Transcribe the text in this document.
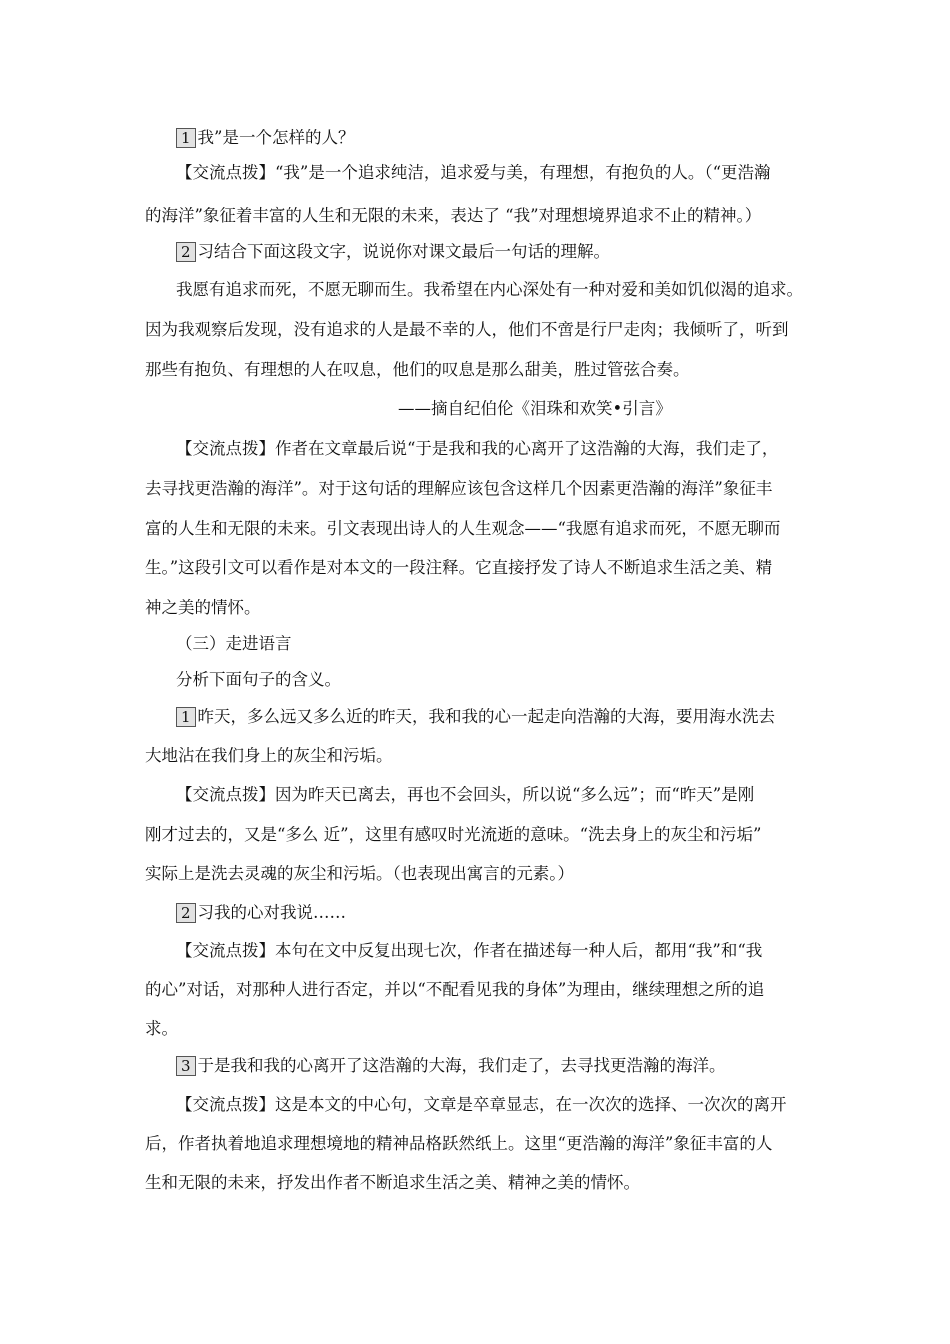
1 我”是一个怎样的人？
【交流点拨】“我”是一个追求纯洁，追求爱与美，有理想，有抱负的人。（“更浩瀚
的海洋”象征着丰富的人生和无限的未来，表达了 “我”对理想境界追求不止的精神。）
2 习结合下面这段文字，说说你对课文最后一句话的理解。
我愿有追求而死，不愿无聊而生。我希望在内心深处有一种对爱和美如饥似渴的追求。
因为我观察后发现，没有追求的人是最不幸的人，他们不啻是行尸走肉；我倾听了，听到
那些有抱负、有理想的人在叹息，他们的叹息是那么甜美，胜过管弦合奏。
——摘自纪伯伦《泪珠和欢笑•引言》
【交流点拨】作者在文章最后说“于是我和我的心离开了这浩瀚的大海，我们走了，
去寻找更浩瀚的海洋”。对于这句话的理解应该包含这样几个因素更浩瀚的海洋”象征丰
富的人生和无限的未来。引文表现出诗人的人生观念——“我愿有追求而死，不愿无聊而
生。”这段引文可以看作是对本文的一段注释。它直接抒发了诗人不断追求生活之美、精
神之美的情怀。
（三）走进语言
分析下面句子的含义。
1 昨天，多么远又多么近的昨天，我和我的心一起走向浩瀚的大海，要用海水洗去
大地沾在我们身上的灰尘和污垢。
【交流点拨】因为昨天已离去，再也不会回头，所以说“多么远”；而“昨天”是刚
刚才过去的，又是“多么 近”，这里有感叹时光流逝的意味。“洗去身上的灰尘和污垢”
实际上是洗去灵魂的灰尘和污垢。（也表现出寓言的元素。）
2 习我的心对我说……
【交流点拨】本句在文中反复出现七次，作者在描述每一种人后，都用“我”和“我
的心”对话，对那种人进行否定，并以“不配看见我的身体”为理由，继续理想之所的追
求。
3 于是我和我的心离开了这浩瀚的大海，我们走了，去寻找更浩瀚的海洋。
【交流点拨】这是本文的中心句，文章是卒章显志，在一次次的选择、一次次的离开
后，作者执着地追求理想境地的精神品格跃然纸上。这里“更浩瀚的海洋”象征丰富的人
生和无限的未来，抒发出作者不断追求生活之美、精神之美的情怀。
